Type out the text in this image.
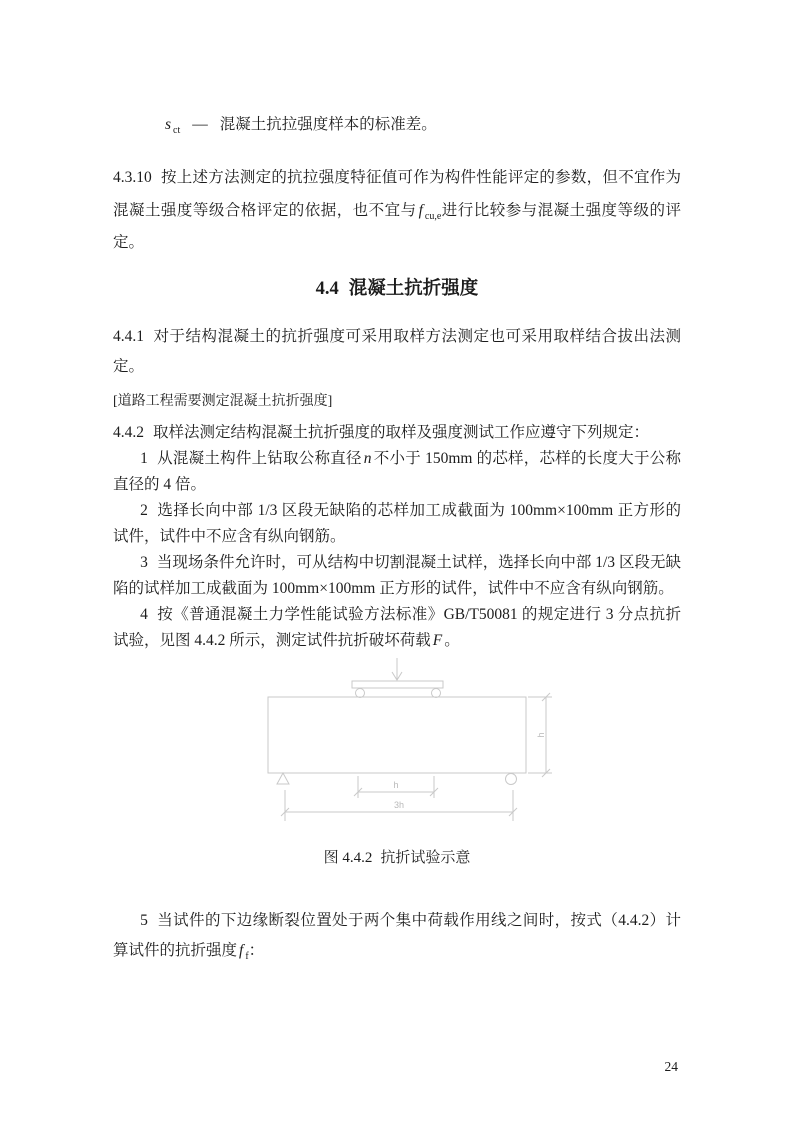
s $_{ct}$ — 混凝土抗拉强度样本的标准差。

4.3.10 按上述方法测定的抗拉强度特征值可作为构件性能评定的参数，但不宜作为混凝土强度等级合格评定的依据，也不宜与 f $_{cu,e}$进行比较参与混凝土强度等级的评定。

4.4 混凝土抗折强度

4.4.1 对于结构混凝土的抗折强度可采用取样方法测定也可采用取样结合拔出法测定。

[道路工程需要测定混凝土抗折强度]

4.4.2 取样法测定结构混凝土抗折强度的取样及强度测试工作应遵守下列规定：

1 从混凝土构件上钻取公称直径 n 不小于 150mm 的芯样，芯样的长度大于公称直径的 4 倍。

2 选择长向中部 1/3 区段无缺陷的芯样加工成截面为 100mm×100mm 正方形的试件，试件中不应含有纵向钢筋。

3 当现场条件允许时，可从结构中切割混凝土试样，选择长向中部 1/3 区段无缺陷的试样加工成截面为 100mm×100mm 正方形的试件，试件中不应含有纵向钢筋。

4 按《普通混凝土力学性能试验方法标准》GB/T50081 的规定进行 3 分点抗折试验，见图 4.4.2 所示，测定试件抗折破坏荷载 F 。

h
h
3h

图 4.4.2 抗折试验示意

5 当试件的下边缘断裂位置处于两个集中荷载作用线之间时，按式（4.4.2）计算试件的抗折强度 f $_f$：

24
